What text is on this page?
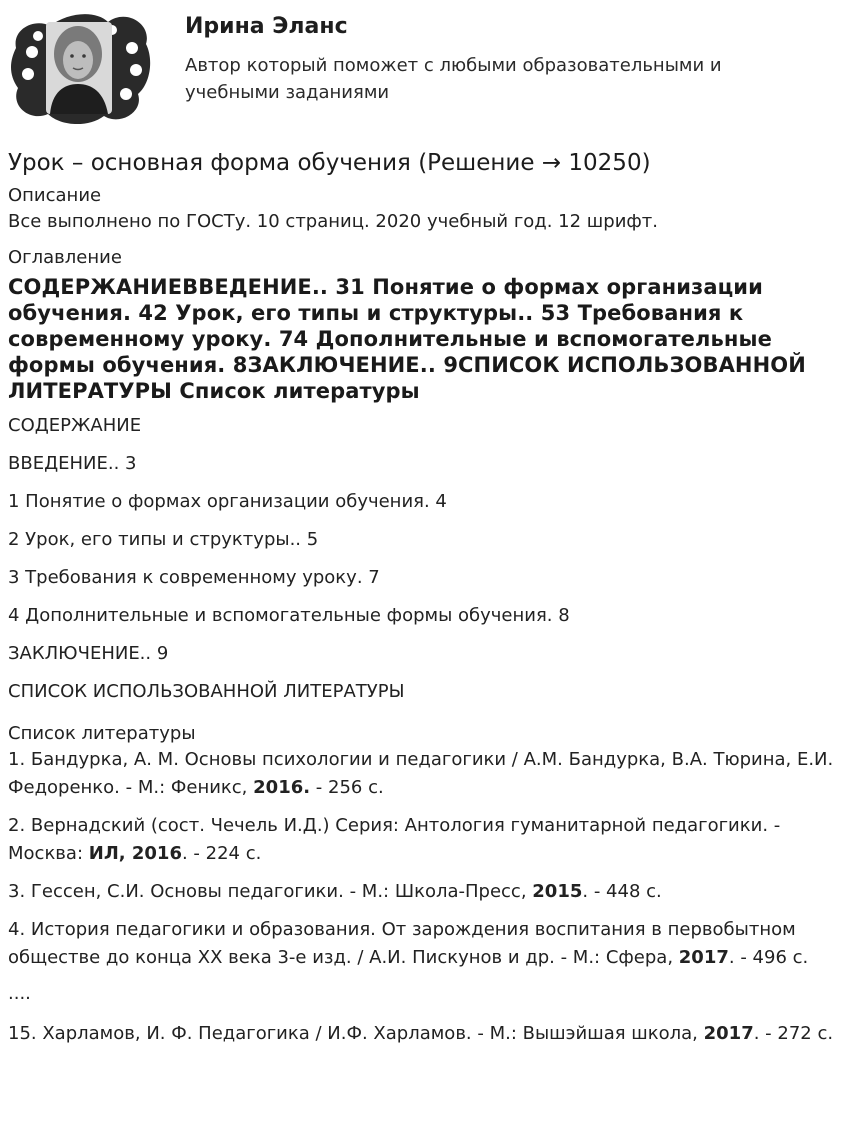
Ирина Эланс
Автор который поможет с любыми образовательными и учебными заданиями
Урок – основная форма обучения (Решение → 10250)
Описание
Все выполнено по ГОСТу. 10 страниц. 2020 учебный год. 12 шрифт.
Оглавление
СОДЕРЖАНИЕВВЕДЕНИЕ.. 31 Понятие о формах организации обучения. 42 Урок, его типы и структуры.. 53 Требования к современному уроку. 74 Дополнительные и вспомогательные формы обучения. 8ЗАКЛЮЧЕНИЕ.. 9СПИСОК ИСПОЛЬЗОВАННОЙ ЛИТЕРАТУРЫ Список литературы
СОДЕРЖАНИЕ
ВВЕДЕНИЕ.. 3
1 Понятие о формах организации обучения. 4
2 Урок, его типы и структуры.. 5
3 Требования к современному уроку. 7
4 Дополнительные и вспомогательные формы обучения. 8
ЗАКЛЮЧЕНИЕ.. 9
СПИСОК ИСПОЛЬЗОВАННОЙ ЛИТЕРАТУРЫ
Список литературы
1. Бандурка, А. М. Основы психологии и педагогики / А.М. Бандурка, В.А. Тюрина, Е.И. Федоренко. - М.: Феникс, 2016. - 256 с.
2. Вернадский (сост. Чечель И.Д.) Серия: Антология гуманитарной педагогики. - Москва: ИЛ, 2016. - 224 с.
3. Гессен, С.И. Основы педагогики. - М.: Школа-Пресс, 2015. - 448 с.
4. История педагогики и образования. От зарождения воспитания в первобытном обществе до конца XX века 3-е изд. / А.И. Пискунов и др. - М.: Сфера, 2017. - 496 с.
....
15. Харламов, И. Ф. Педагогика / И.Ф. Харламов. - М.: Вышэйшая школа, 2017. - 272 с.
